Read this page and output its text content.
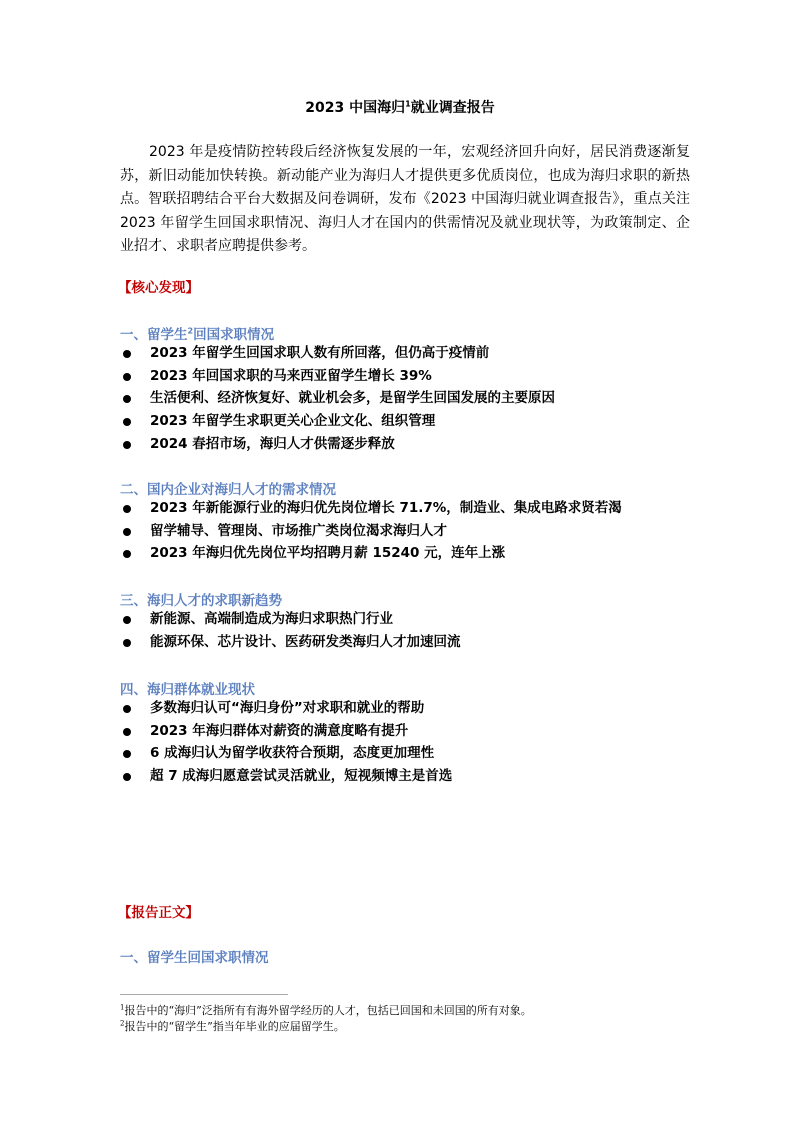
2023 中国海归$^1$就业调查报告

2023 年是疫情防控转段后经济恢复发展的一年，宏观经济回升向好，居民消费逐渐复苏，新旧动能加快转换。新动能产业为海归人才提供更多优质岗位，也成为海归求职的新热点。智联招聘结合平台大数据及问卷调研，发布《2023 中国海归就业调查报告》，重点关注 2023 年留学生回国求职情况、海归人才在国内的供需情况及就业现状等，为政策制定、企业招才、求职者应聘提供参考。

【核心发现】
一、留学生$^2$回国求职情况
2023 年留学生回国求职人数有所回落，但仍高于疫情前
2023 年回国求职的马来西亚留学生增长 39%
生活便利、经济恢复好、就业机会多，是留学生回国发展的主要原因
2023 年留学生求职更关心企业文化、组织管理
2024 春招市场，海归人才供需逐步释放
二、国内企业对海归人才的需求情况
2023 年新能源行业的海归优先岗位增长 71.7%，制造业、集成电路求贤若渴
留学辅导、管理岗、市场推广类岗位渴求海归人才
2023 年海归优先岗位平均招聘月薪 15240 元，连年上涨
三、海归人才的求职新趋势
新能源、高端制造成为海归求职热门行业
能源环保、芯片设计、医药研发类海归人才加速回流
四、海归群体就业现状
多数海归认可“海归身份”对求职和就业的帮助
2023 年海归群体对薪资的满意度略有提升
6 成海归认为留学收获符合预期，态度更加理性
超 7 成海归愿意尝试灵活就业，短视频博主是首选
【报告正文】
一、留学生回国求职情况
$^1$报告中的“海归”泛指所有有海外留学经历的人才，包括已回国和未回国的所有对象。
$^2$报告中的“留学生”指当年毕业的应届留学生。
